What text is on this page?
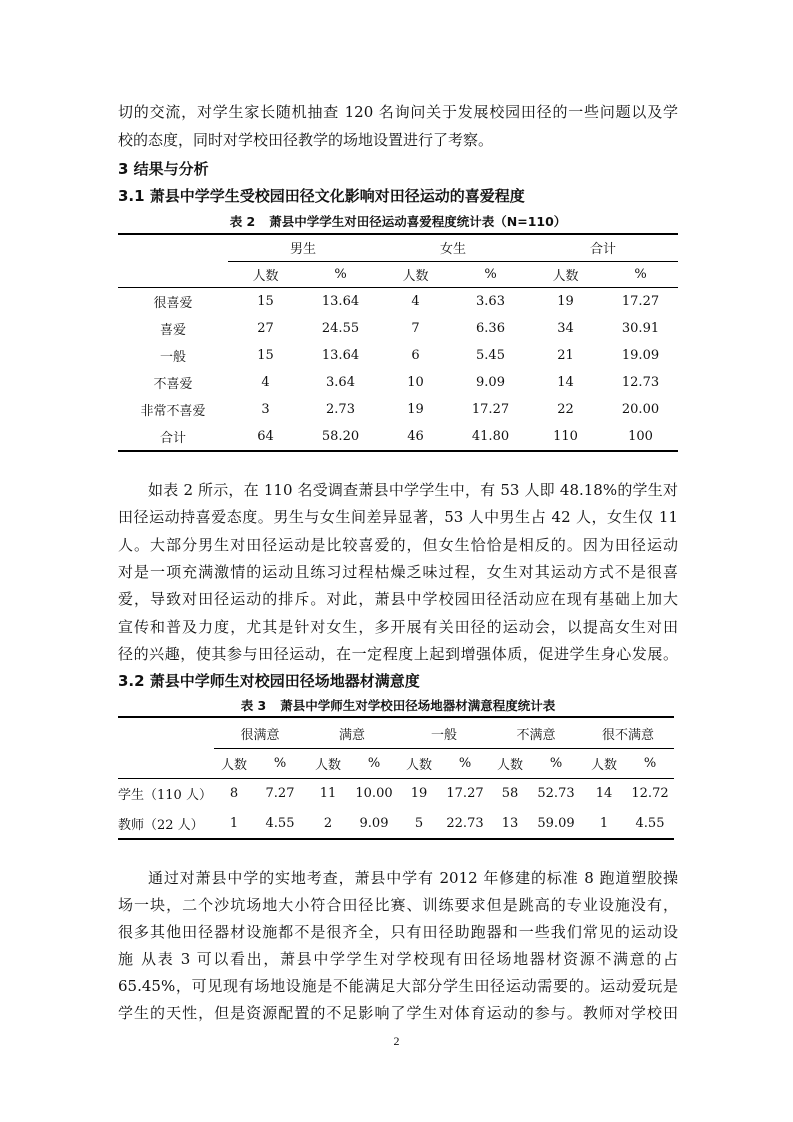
切的交流，对学生家长随机抽查 120 名询问关于发展校园田径的一些问题以及学
校的态度，同时对学校田径教学的场地设置进行了考察。
3 结果与分析
3.1 萧县中学学生受校园田径文化影响对田径运动的喜爱程度
表 2 萧县中学学生对田径运动喜爱程度统计表（N=110）
	男生		女生		合计	
	人数	%	人数	%	人数	%
很喜爱	15	13.64	4	3.63	19	17.27
喜爱	27	24.55	7	6.36	34	30.91
一般	15	13.64	6	5.45	21	19.09
不喜爱	4	3.64	10	9.09	14	12.73
非常不喜爱	3	2.73	19	17.27	22	20.00
合计	64	58.20	46	41.80	110	100
如表 2 所示，在 110 名受调查萧县中学学生中，有 53 人即 48.18%的学生对
田径运动持喜爱态度。男生与女生间差异显著，53 人中男生占 42 人，女生仅 11
人。大部分男生对田径运动是比较喜爱的，但女生恰恰是相反的。因为田径运动
对是一项充满激情的运动且练习过程枯燥乏味过程，女生对其运动方式不是很喜
爱，导致对田径运动的排斥。对此，萧县中学校园田径活动应在现有基础上加大
宣传和普及力度，尤其是针对女生，多开展有关田径的运动会，以提高女生对田
径的兴趣，使其参与田径运动，在一定程度上起到增强体质，促进学生身心发展。
3.2 萧县中学师生对校园田径场地器材满意度
表 3 萧县中学师生对学校田径场地器材满意程度统计表
	很满意		满意		一般		不满意		很不满意	
	人数	%	人数	%	人数	%	人数	%	人数	%
学生（110 人）	8	7.27	11	10.00	19	17.27	58	52.73	14	12.72
教师（22 人）	1	4.55	2	9.09	5	22.73	13	59.09	1	4.55
通过对萧县中学的实地考查，萧县中学有 2012 年修建的标准 8 跑道塑胶操
场一块，二个沙坑场地大小符合田径比赛、训练要求但是跳高的专业设施没有，
很多其他田径器材设施都不是很齐全，只有田径助跑器和一些我们常见的运动设
施 从表 3 可以看出，萧县中学学生对学校现有田径场地器材资源不满意的占
65.45%，可见现有场地设施是不能满足大部分学生田径运动需要的。运动爱玩是
学生的天性，但是资源配置的不足影响了学生对体育运动的参与。教师对学校田
2
